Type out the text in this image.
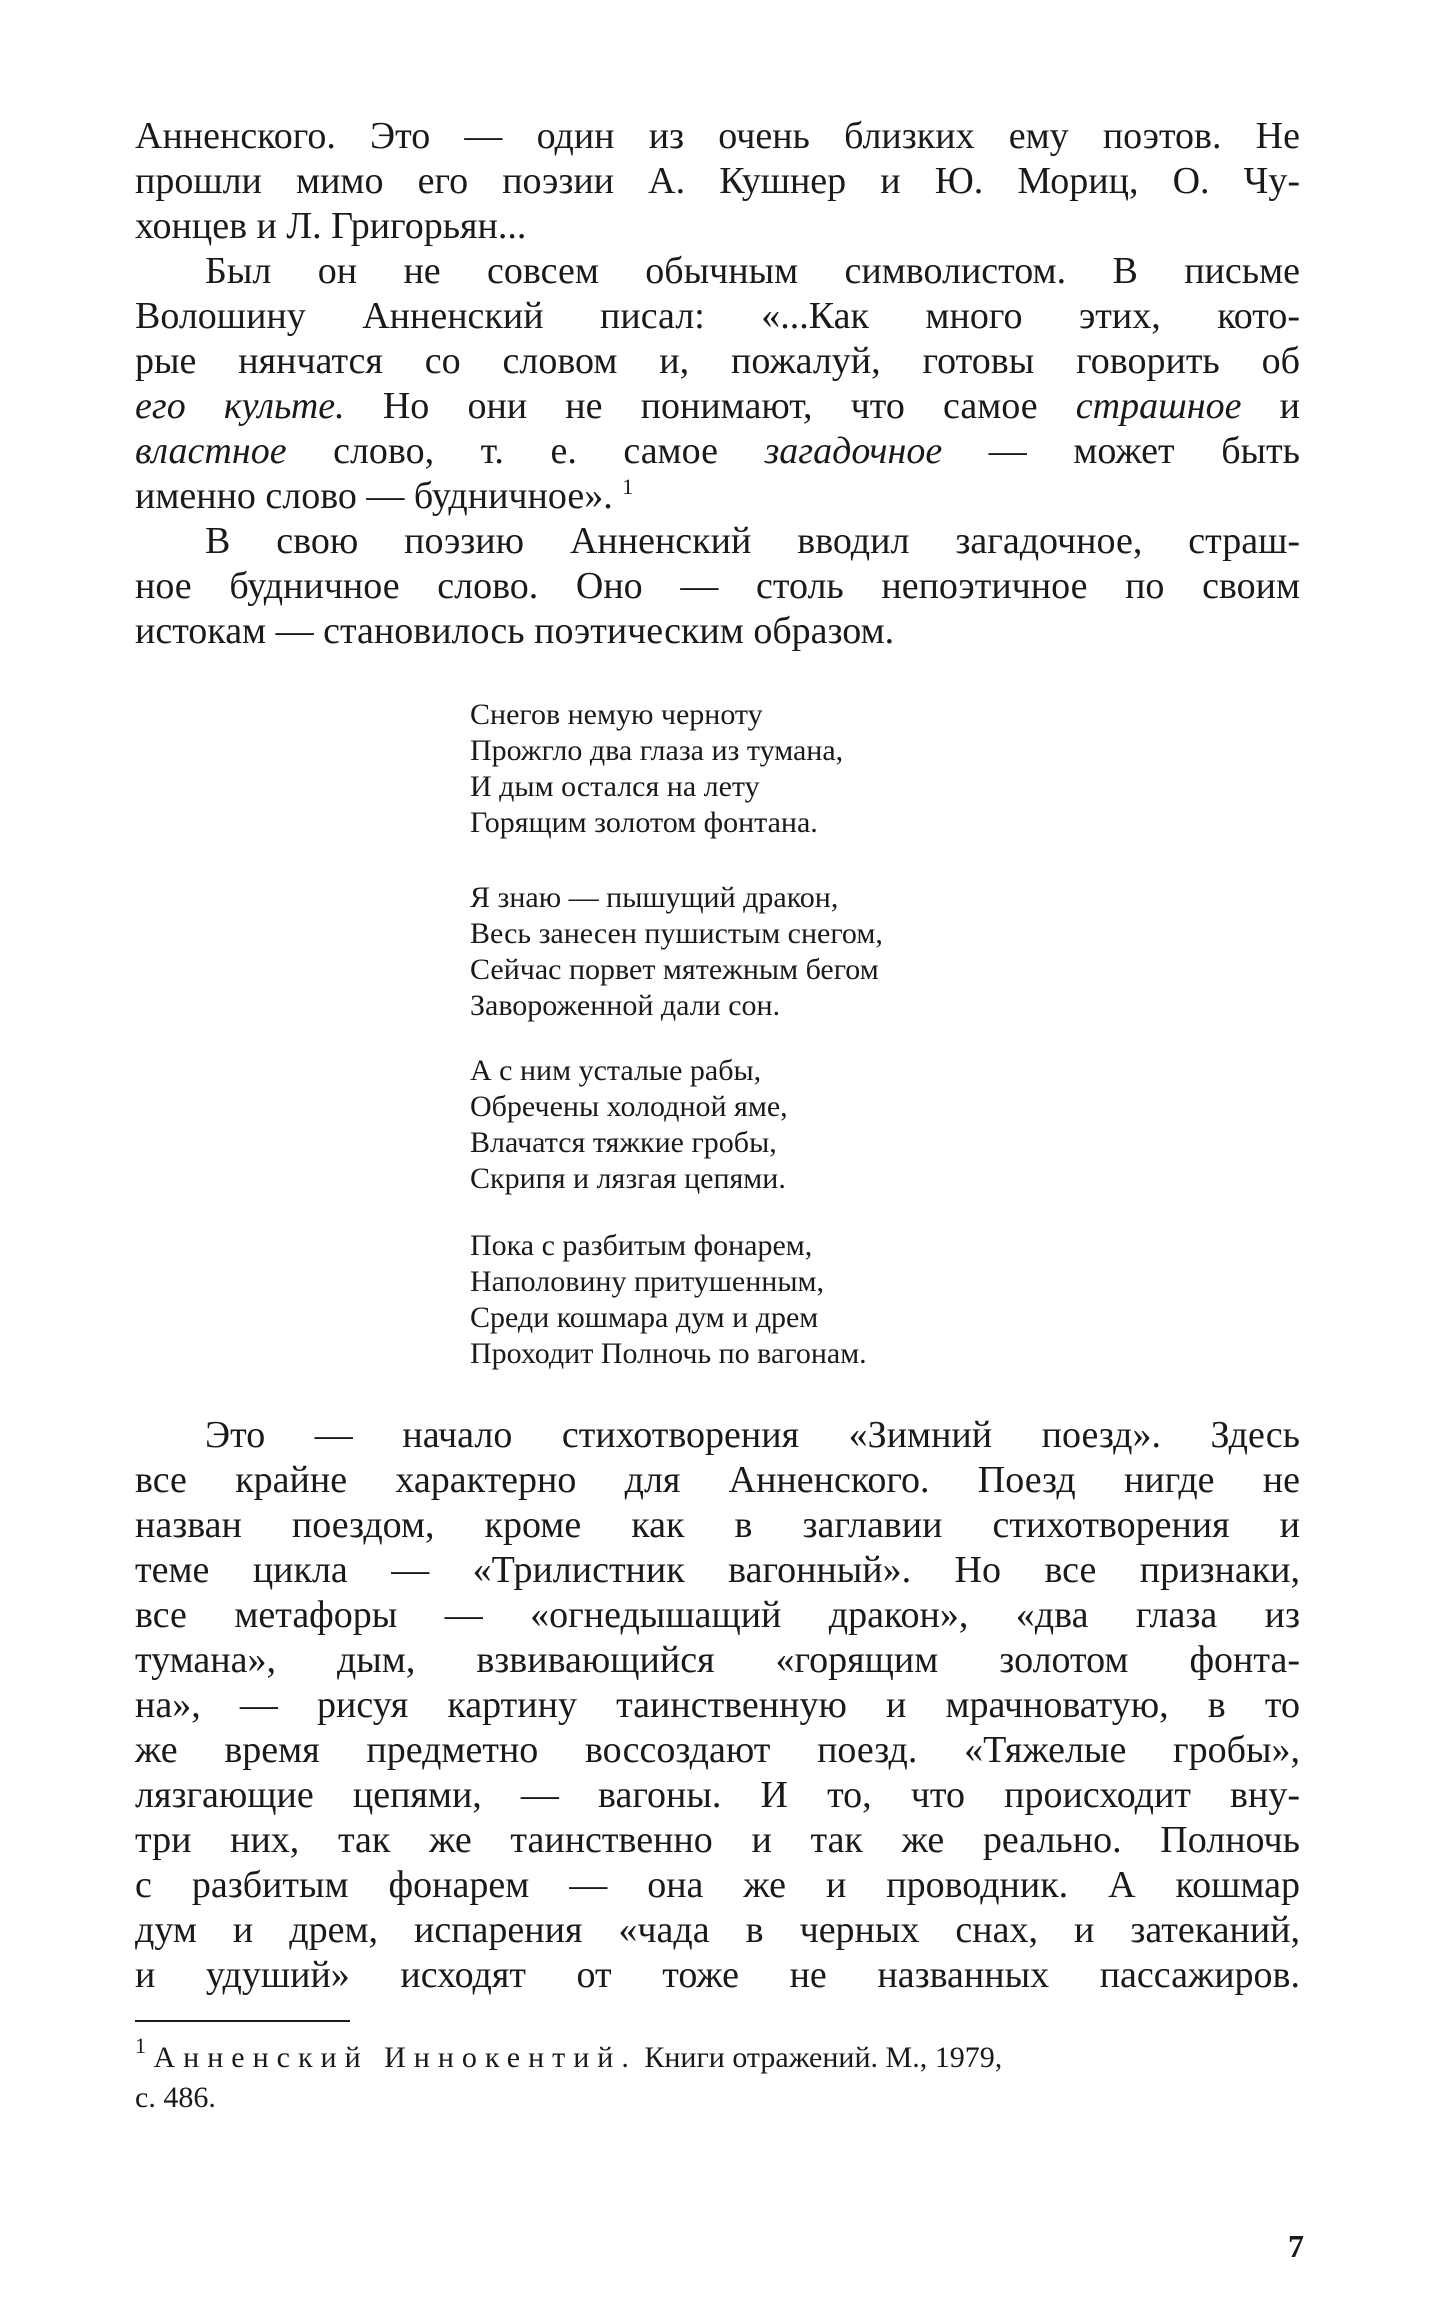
Анненского. Это — один из очень близких ему поэтов. Не
прошли мимо его поэзии А. Кушнер и Ю. Мориц, О. Чу-
хонцев и Л. Григорьян...
Был он не совсем обычным символистом. В письме
Волошину Анненский писал: «...Как много этих, кото-
рые нянчатся со словом и, пожалуй, готовы говорить об
его культе. Но они не понимают, что самое страшное и
властное слово, т. е. самое загадочное — может быть
именно слово — будничное». $^1$
В свою поэзию Анненский вводил загадочное, страш-
ное будничное слово. Оно — столь непоэтичное по своим
истокам — становилось поэтическим образом.
Снегов немую черноту
Прожгло два глаза из тумана,
И дым остался на лету
Горящим золотом фонтана.
Я знаю — пышущий дракон,
Весь занесен пушистым снегом,
Сейчас порвет мятежным бегом
Завороженной дали сон.
А с ним усталые рабы,
Обречены холодной яме,
Влачатся тяжкие гробы,
Скрипя и лязгая цепями.
Пока с разбитым фонарем,
Наполовину притушенным,
Среди кошмара дум и дрем
Проходит Полночь по вагонам.
Это — начало стихотворения «Зимний поезд». Здесь
все крайне характерно для Анненского. Поезд нигде не
назван поездом, кроме как в заглавии стихотворения и
теме цикла — «Трилистник вагонный». Но все признаки,
все метафоры — «огнедышащий дракон», «два глаза из
тумана», дым, взвивающийся «горящим золотом фонта-
на», — рисуя картину таинственную и мрачноватую, в то
же время предметно воссоздают поезд. «Тяжелые гробы»,
лязгающие цепями, — вагоны. И то, что происходит вну-
три них, так же таинственно и так же реально. Полночь
с разбитым фонарем — она же и проводник. А кошмар
дум и дрем, испарения «чада в черных снах, и затеканий,
и удуший» исходят от тоже не названных пассажиров.
$^1$ Анненский Иннокентий. Книги отражений. М., 1979,
с. 486.
7
